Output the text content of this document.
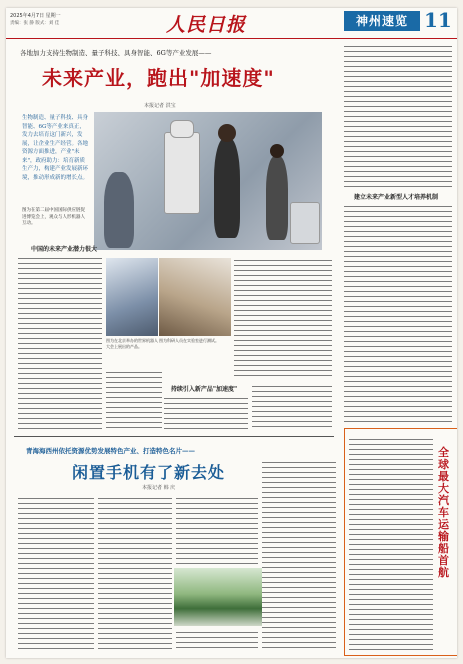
2025年4月7日 星期一
责编：张 静 版式：刘 佳	人民日报	神州速览 11
各地加力支持生物制造、量子科技、具身智能、6G等产业发展——
未来产业，跑出"加速度"
本报记者 洪宝
生物制造、量子科技、具身智能、6G等产业来真正，发力去培育这门新兴，发展，让企业生产经营。各地资源方面推进，产业"未来"，政府助力：培育新质生产力，构建产业发展新环境，推动形成新的增长点。
图为在第二届中国国际供应链促进博览会上，观众与人形机器人互动。
中国的未来产业潜力很大
图为在北京举办的世界机器人大会上展出的产品。
图为科研人员在实验室进行测试。
持续引入新产品"加速度"
建立未来产业新型人才培养机制
青海海西州依托资源优势发展特色产业、打造特色名片——
闲置手机有了新去处
本报记者 韩 庆
全球最大汽车运输船首航
